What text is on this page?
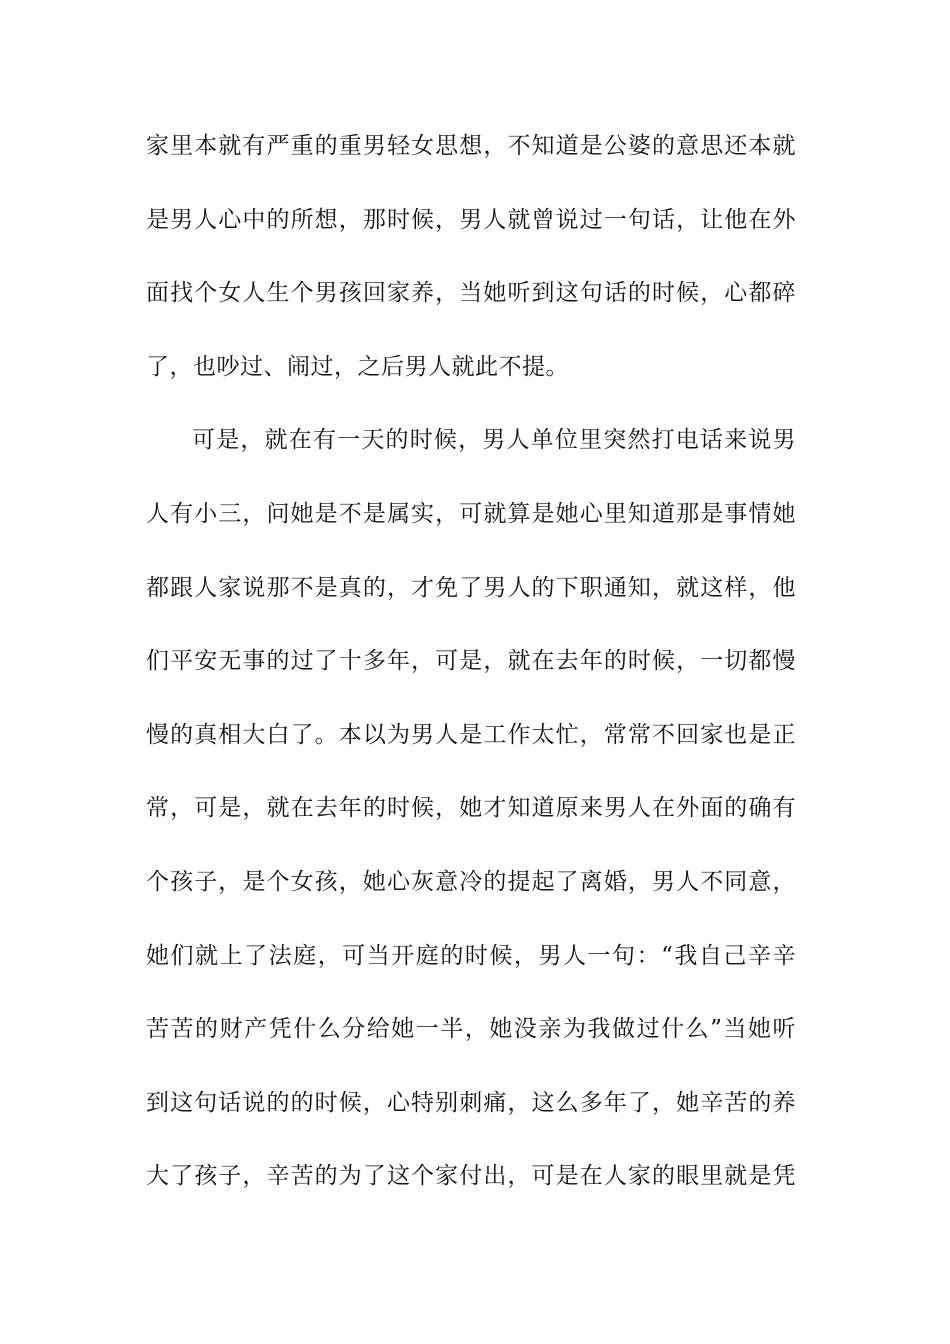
家里本就有严重的重男轻女思想，不知道是公婆的意思还本就
是男人心中的所想，那时候，男人就曾说过一句话，让他在外
面找个女人生个男孩回家养，当她听到这句话的时候，心都碎
了，也吵过、闹过，之后男人就此不提。
可是，就在有一天的时候，男人单位里突然打电话来说男
人有小三，问她是不是属实，可就算是她心里知道那是事情她
都跟人家说那不是真的，才免了男人的下职通知，就这样，他
们平安无事的过了十多年，可是，就在去年的时候，一切都慢
慢的真相大白了。本以为男人是工作太忙，常常不回家也是正
常，可是，就在去年的时候，她才知道原来男人在外面的确有
个孩子，是个女孩，她心灰意冷的提起了离婚，男人不同意，
她们就上了法庭，可当开庭的时候，男人一句：“我自己辛辛
苦苦的财产凭什么分给她一半，她没亲为我做过什么”当她听
到这句话说的的时候，心特别刺痛，这么多年了，她辛苦的养
大了孩子，辛苦的为了这个家付出，可是在人家的眼里就是凭
